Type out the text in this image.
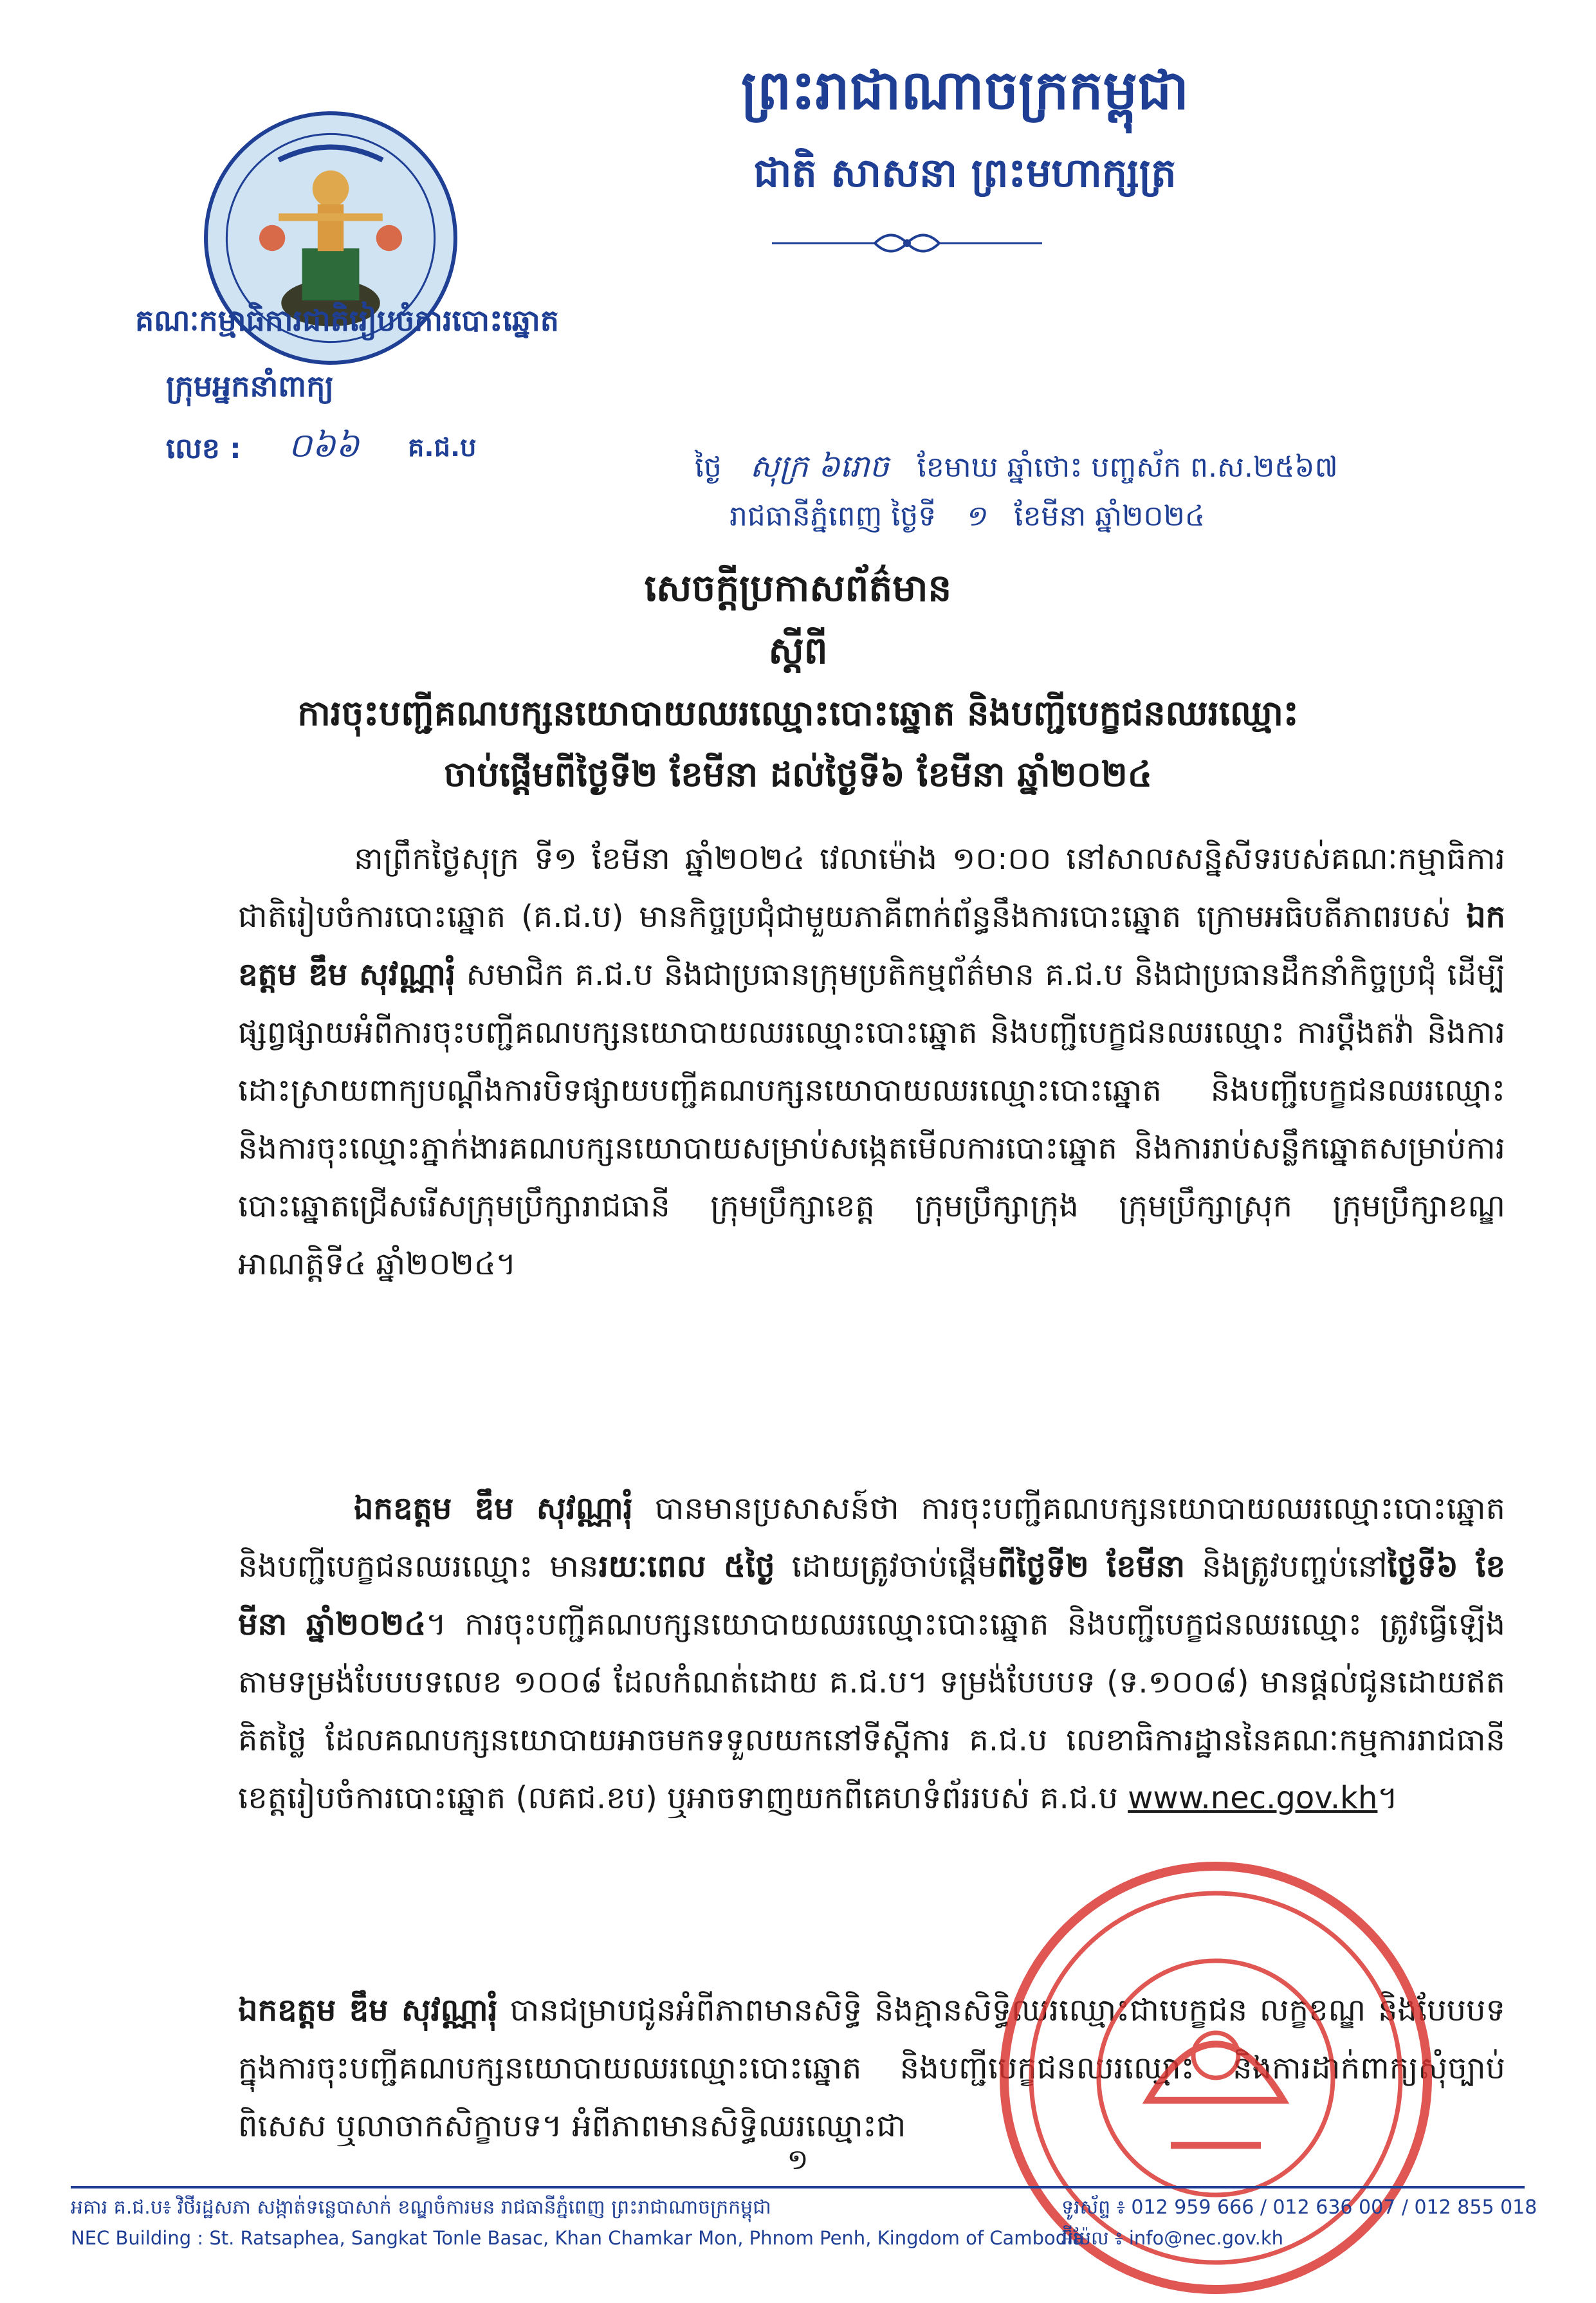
ព្រះរាជាណាចក្រកម្ពុជា
ជាតិ សាសនា ព្រះមហាក្សត្រ
គណៈកម្មាធិការជាតិរៀបចំការបោះឆ្នោត
ក្រុមអ្នកនាំពាក្យ
លេខ : ០៦៦ គ.ជ.ប
ថ្ងៃ សុក្រ ៦រោច ខែមាឃ ឆ្នាំថោះ បញ្ចស័ក ព.ស.២៥៦៧
រាជធានីភ្នំពេញ ថ្ងៃទី ១ ខែមីនា ឆ្នាំ២០២៤
សេចក្តីប្រកាសព័ត៌មាន
ស្តីពី
ការចុះបញ្ជីគណបក្សនយោបាយឈរឈ្មោះបោះឆ្នោត និងបញ្ជីបេក្ខជនឈរឈ្មោះ
ចាប់ផ្តើមពីថ្ងៃទី២ ខែមីនា ដល់ថ្ងៃទី៦ ខែមីនា ឆ្នាំ២០២៤
នាព្រឹកថ្ងៃសុក្រ ទី១ ខែមីនា ឆ្នាំ២០២៤ វេលាម៉ោង ១០:០០ នៅសាលសន្និសីទរបស់គណៈកម្មាធិការជាតិរៀបចំការបោះឆ្នោត (គ.ជ.ប) មានកិច្ចប្រជុំជាមួយភាគីពាក់ព័ន្ធនឹងការបោះឆ្នោត ក្រោមអធិបតីភាពរបស់ ឯកឧត្តម ឌឹម សុវណ្ណារុំ សមាជិក គ.ជ.ប និងជាប្រធានក្រុមប្រតិកម្មព័ត៌មាន គ.ជ.ប និងជាប្រធានដឹកនាំកិច្ចប្រជុំ ដើម្បីផ្សព្វផ្សាយអំពីការចុះបញ្ជីគណបក្សនយោបាយឈរឈ្មោះបោះឆ្នោត និងបញ្ជីបេក្ខជនឈរឈ្មោះ ការប្តឹងតវ៉ា និងការដោះស្រាយពាក្យបណ្តឹងការបិទផ្សាយបញ្ជីគណបក្សនយោបាយឈរឈ្មោះបោះឆ្នោត និងបញ្ជីបេក្ខជនឈរឈ្មោះ និងការចុះឈ្មោះភ្នាក់ងារគណបក្សនយោបាយសម្រាប់សង្កេតមើលការបោះឆ្នោត និងការរាប់សន្លឹកឆ្នោតសម្រាប់ការបោះឆ្នោតជ្រើសរើសក្រុមប្រឹក្សារាជធានី ក្រុមប្រឹក្សាខេត្ត ក្រុមប្រឹក្សាក្រុង ក្រុមប្រឹក្សាស្រុក ក្រុមប្រឹក្សាខណ្ឌ អាណត្តិទី៤ ឆ្នាំ២០២៤។
ឯកឧត្តម ឌឹម សុវណ្ណារុំ បានមានប្រសាសន៍ថា ការចុះបញ្ជីគណបក្សនយោបាយឈរឈ្មោះបោះឆ្នោត និងបញ្ជីបេក្ខជនឈរឈ្មោះ មានរយៈពេល ៥ថ្ងៃ ដោយត្រូវចាប់ផ្តើមពីថ្ងៃទី២ ខែមីនា និងត្រូវបញ្ចប់នៅថ្ងៃទី៦ ខែមីនា ឆ្នាំ២០២៤។ ការចុះបញ្ជីគណបក្សនយោបាយឈរឈ្មោះបោះឆ្នោត និងបញ្ជីបេក្ខជនឈរឈ្មោះ ត្រូវធ្វើឡើងតាមទម្រង់បែបបទលេខ ១០០៨ ដែលកំណត់ដោយ គ.ជ.ប។ ទម្រង់បែបបទ (ទ.១០០៨) មានផ្តល់ជូនដោយឥតគិតថ្លៃ ដែលគណបក្សនយោបាយអាចមកទទួលយកនៅទីស្តីការ គ.ជ.ប លេខាធិការដ្ឋាននៃគណៈកម្មការរាជធានី ខេត្តរៀបចំការបោះឆ្នោត (លគជ.ខប) ឬអាចទាញយកពីគេហទំព័ររបស់ គ.ជ.ប www.nec.gov.kh។
ឯកឧត្តម ឌឹម សុវណ្ណារុំ បានជម្រាបជូនអំពីភាពមានសិទ្ធិ និងគ្មានសិទ្ធិឈរឈ្មោះជាបេក្ខជន លក្ខខណ្ឌ និងបែបបទក្នុងការចុះបញ្ជីគណបក្សនយោបាយឈរឈ្មោះបោះឆ្នោត និងបញ្ជីបេក្ខជនឈរឈ្មោះ និងការដាក់ពាក្យសុំច្បាប់ពិសេស ឬលាចាកសិក្ខាបទ។ អំពីភាពមានសិទ្ធិឈរឈ្មោះជា
១
អគារ គ.ជ.ប៖ វិថីរដ្ឋសភា សង្កាត់ទន្លេបាសាក់ ខណ្ឌចំការមន រាជធានីភ្នំពេញ ព្រះរាជាណាចក្រកម្ពុជា	ទូរស័ព្ទ ៖ 012 959 666 / 012 636 007 / 012 855 018
NEC Building : St. Ratsaphea, Sangkat Tonle Basac, Khan Chamkar Mon, Phnom Penh, Kingdom of Cambodia
អ៊ីម៉ែល ៖ info@nec.gov.kh
